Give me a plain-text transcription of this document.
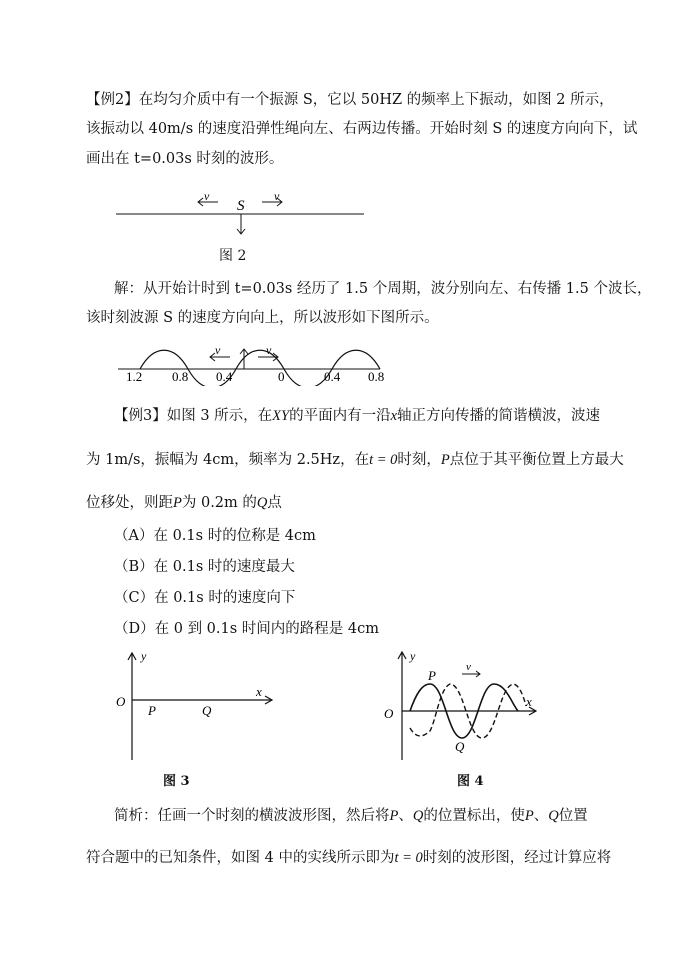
【例2】在均匀介质中有一个振源 S，它以 50HZ 的频率上下振动，如图 2 所示，
该振动以 40m/s 的速度沿弹性绳向左、右两边传播。开始时刻 S 的速度方向向下，试
画出在 t=0.03s 时刻的波形。
v
S
v
图 2
解：从开始计时到 t=0.03s 经历了 1.5 个周期，波分别向左、右传播 1.5 个波长，
该时刻波源 S 的速度方向向上，所以波形如下图所示。
v	v
1.2 0.8 0.4	0	0.4 0.8
【例3】如图 3 所示，在XY的平面内有一沿x轴正方向传播的简谐横波，波速
为 1m/s，振幅为 4cm，频率为 2.5Hz，在t = 0时刻，P点位于其平衡位置上方最大
位移处，则距P为 0.2m 的Q点
（A）在 0.1s 时的位称是 4cm
（B）在 0.1s 时的速度最大
（C）在 0.1s 时的速度向下
（D）在 0 到 0.1s 时间内的路程是 4cm
y
x
O
P	Q
图 3
v
y
x
O
P
Q
图 4
简析：任画一个时刻的横波波形图，然后将P、Q的位置标出，使P、Q位置
符合题中的已知条件，如图 4 中的实线所示即为t = 0时刻的波形图，经过计算应将
